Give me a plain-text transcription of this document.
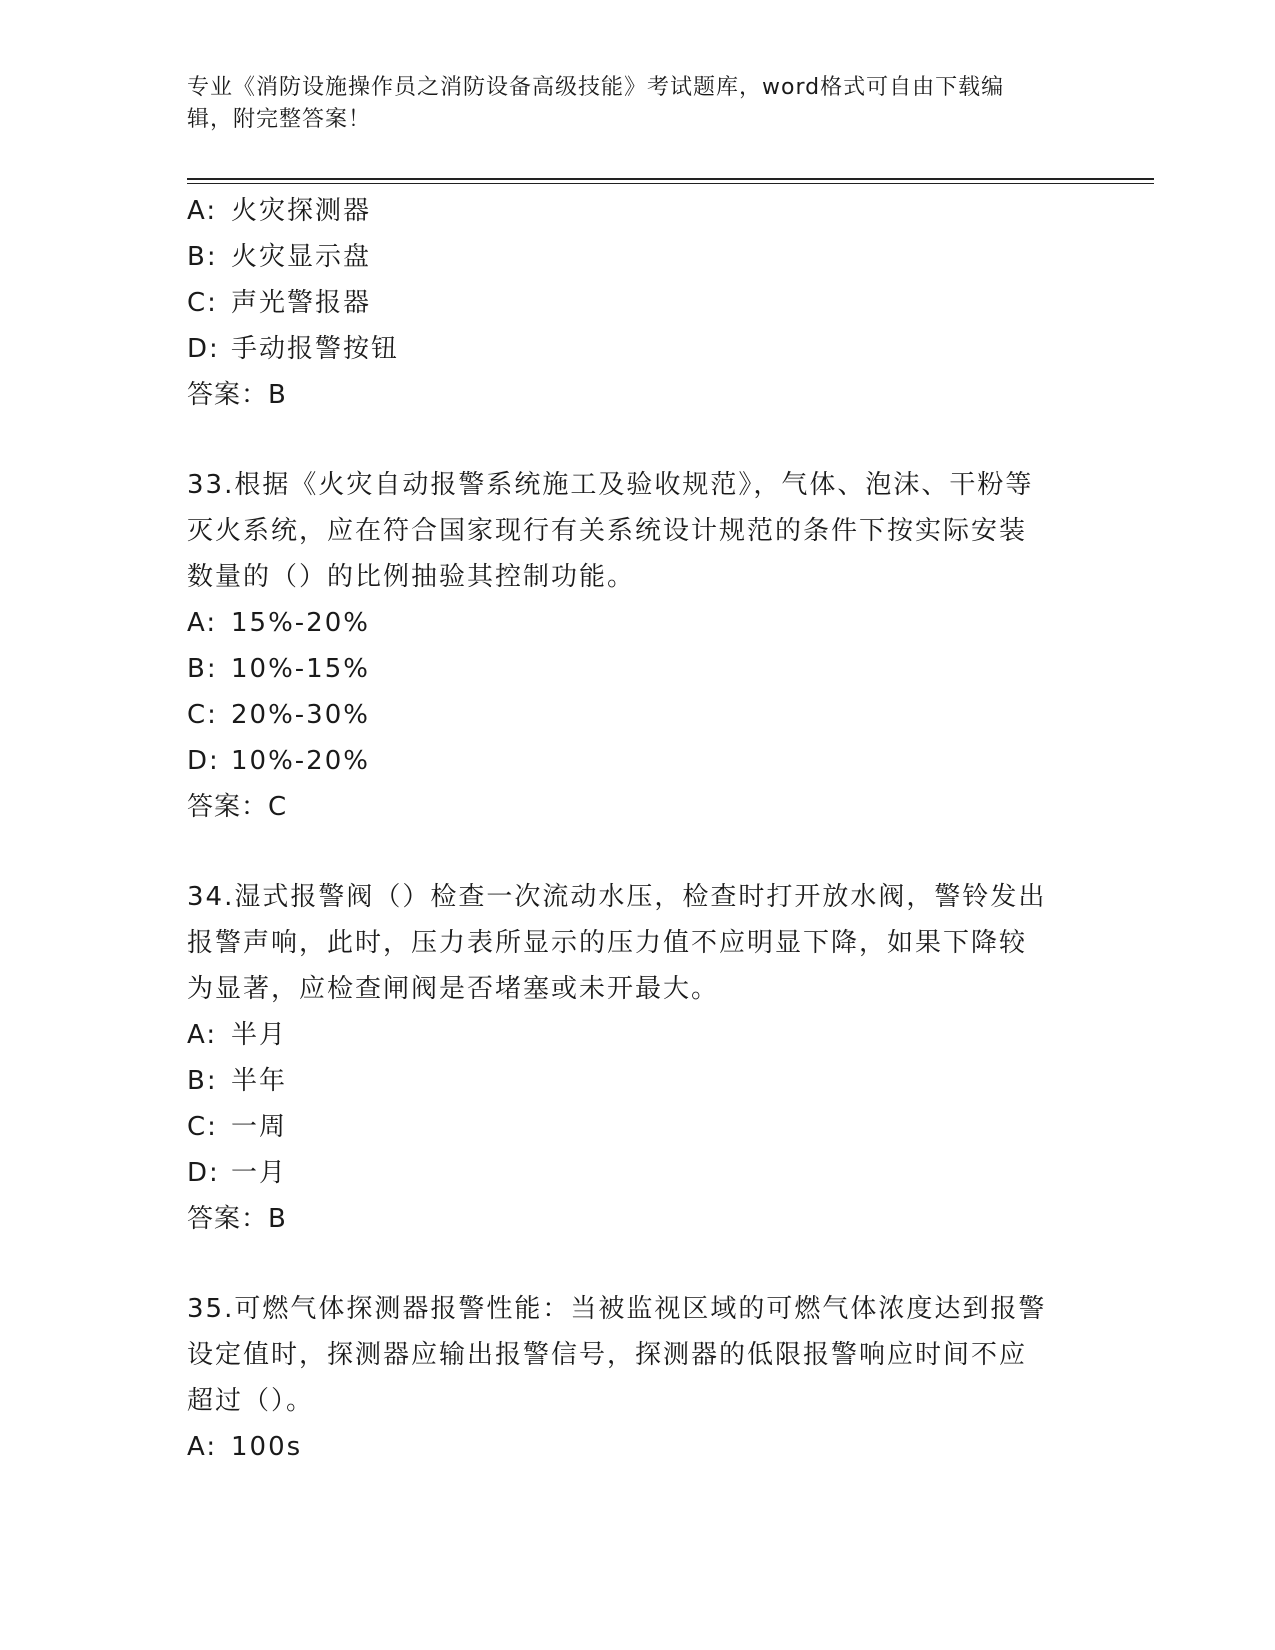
专业《消防设施操作员之消防设备高级技能》考试题库，word格式可自由下载编
辑，附完整答案！
A: 火灾探测器
B: 火灾显示盘
C: 声光警报器
D: 手动报警按钮
答案：B
33.根据《火灾自动报警系统施工及验收规范》，气体、泡沫、干粉等
灭火系统，应在符合国家现行有关系统设计规范的条件下按实际安装
数量的（）的比例抽验其控制功能。
A: 15%-20%
B: 10%-15%
C: 20%-30%
D: 10%-20%
答案：C
34.湿式报警阀（）检查一次流动水压，检查时打开放水阀，警铃发出
报警声响，此时，压力表所显示的压力值不应明显下降，如果下降较
为显著，应检查闸阀是否堵塞或未开最大。
A: 半月
B: 半年
C: 一周
D: 一月
答案：B
35.可燃气体探测器报警性能：当被监视区域的可燃气体浓度达到报警
设定值时，探测器应输出报警信号，探测器的低限报警响应时间不应
超过（）。
A: 100s
